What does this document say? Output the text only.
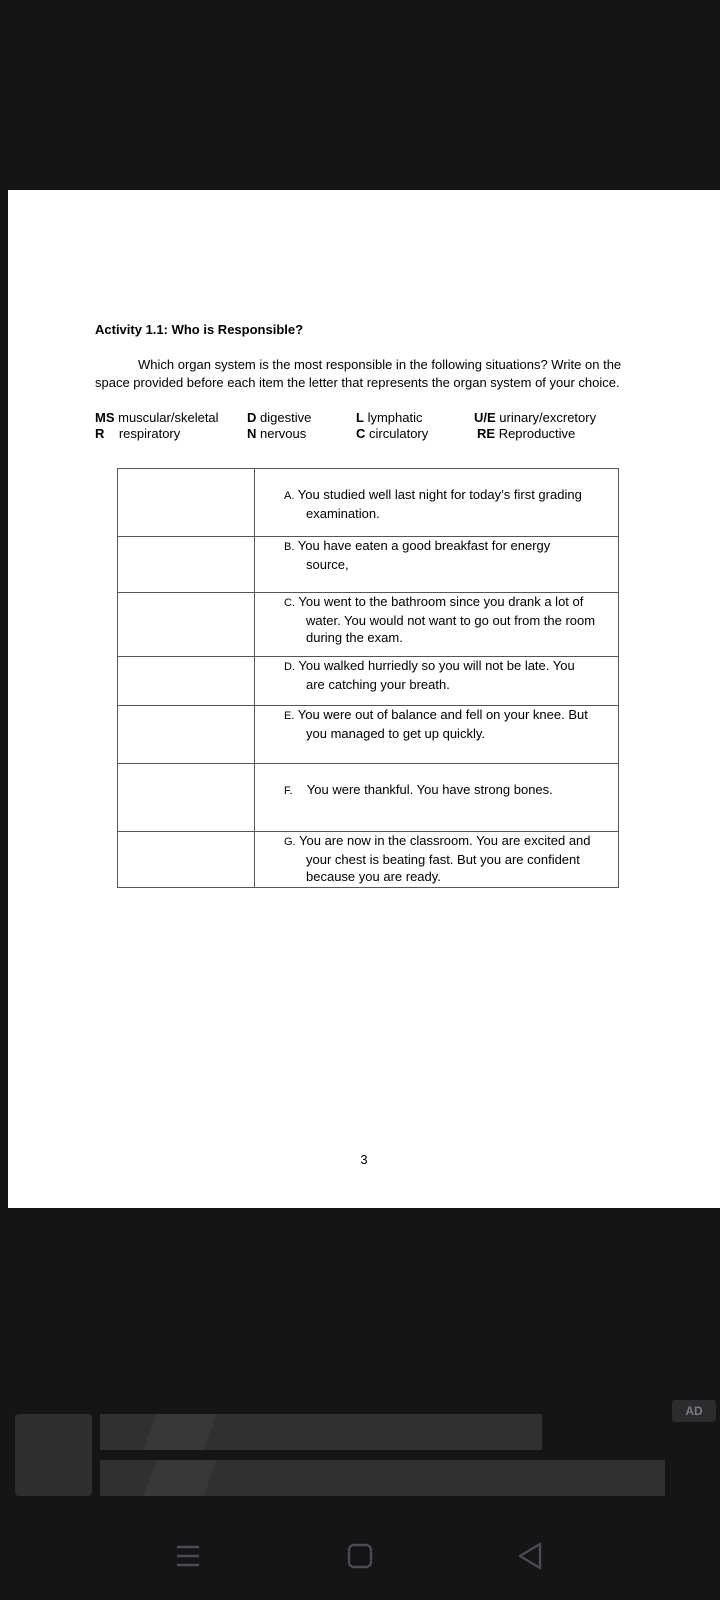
Activity 1.1: Who is Responsible?
Which organ system is the most responsible in the following situations? Write on the space provided before each item the letter that represents the organ system of your choice.
MS muscular/skeletal
R respiratory
D digestive
N nervous
L lymphatic
C circulatory
U/E urinary/excretory
RE Reproductive
	A. You studied well last night for today’s first grading
examination.

	B. You have eaten a good breakfast for energy
source,

	C. You went to the bathroom since you drank a lot of
water. You would not want to go out from the room during the exam.

	D. You walked hurriedly so you will not be late. You
are catching your breath.

	E. You were out of balance and fell on your knee. But
you managed to get up quickly.

	F. You were thankful. You have strong bones.

	G. You are now in the classroom. You are excited and
your chest is beating fast. But you are confident because you are ready.
3
AD
